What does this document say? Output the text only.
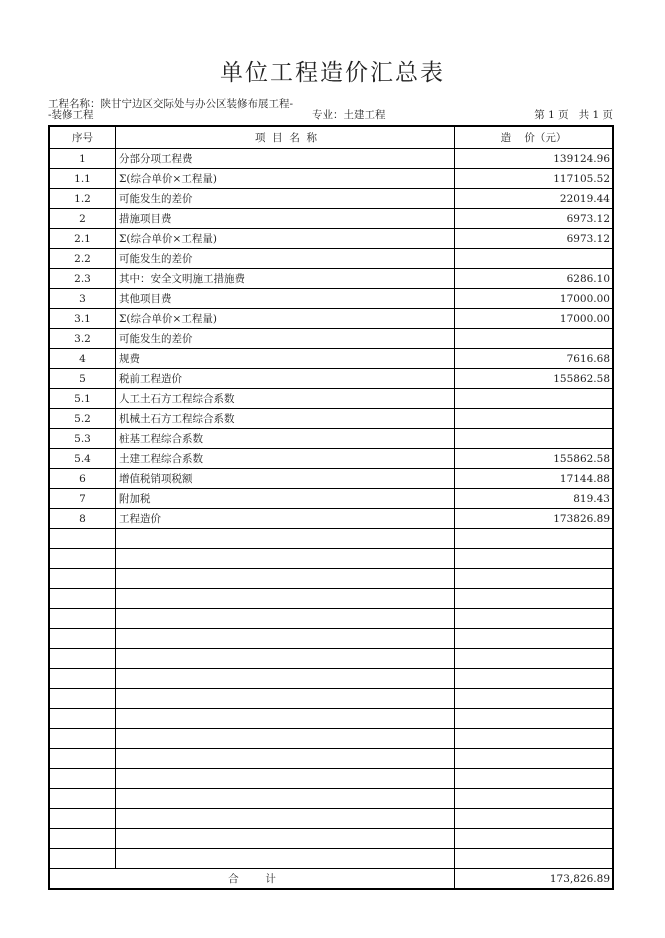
单位工程造价汇总表
工程名称：陕甘宁边区交际处与办公区装修布展工程-
-装修工程	专业：土建工程	第 1 页   共 1 页
序号	项  目  名  称	造    价（元）
1	分部分项工程费	139124.96
1.1	Σ(综合单价×工程量)	117105.52
1.2	可能发生的差价	22019.44
2	措施项目费	6973.12
2.1	Σ(综合单价×工程量)	6973.12
2.2	可能发生的差价	
2.3	其中：安全文明施工措施费	6286.10
3	其他项目费	17000.00
3.1	Σ(综合单价×工程量)	17000.00
3.2	可能发生的差价	
4	规费	7616.68
5	税前工程造价	155862.58
5.1	人工土石方工程综合系数	
5.2	机械土石方工程综合系数	
5.3	桩基工程综合系数	
5.4	土建工程综合系数	155862.58
6	增值税销项税额	17144.88
7	附加税	819.43
8	工程造价	173826.89

合        计		173,826.89
